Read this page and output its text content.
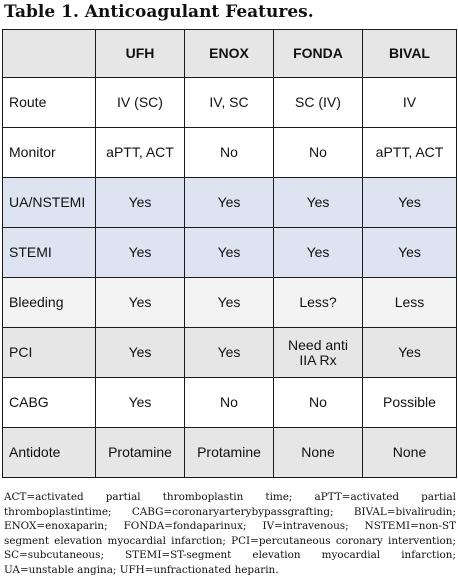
Table 1. Anticoagulant Features.
	UFH	ENOX	FONDA	BIVAL
Route	IV (SC)	IV, SC	SC (IV)	IV
Monitor	aPTT, ACT	No	No	aPTT, ACT
UA/NSTEMI	Yes	Yes	Yes	Yes
STEMI	Yes	Yes	Yes	Yes
Bleeding	Yes	Yes	Less?	Less
PCI	Yes	Yes	Need anti IIA Rx	Yes
CABG	Yes	No	No	Possible
Antidote	Protamine	Protamine	None	None
ACT=activated partial thromboplastin time; aPTT=activated partial thromboplastintime; CABG=coronaryarterybypassgrafting; BIVAL=bivalirudin; ENOX=enoxaparin; FONDA=fondaparinux; IV=intravenous; NSTEMI=non-ST segment elevation myocardial infarction; PCI=percutaneous coronary intervention; SC=subcutaneous; STEMI=ST-segment elevation myocardial infarction; UA=unstable angina; UFH=unfractionated heparin.
